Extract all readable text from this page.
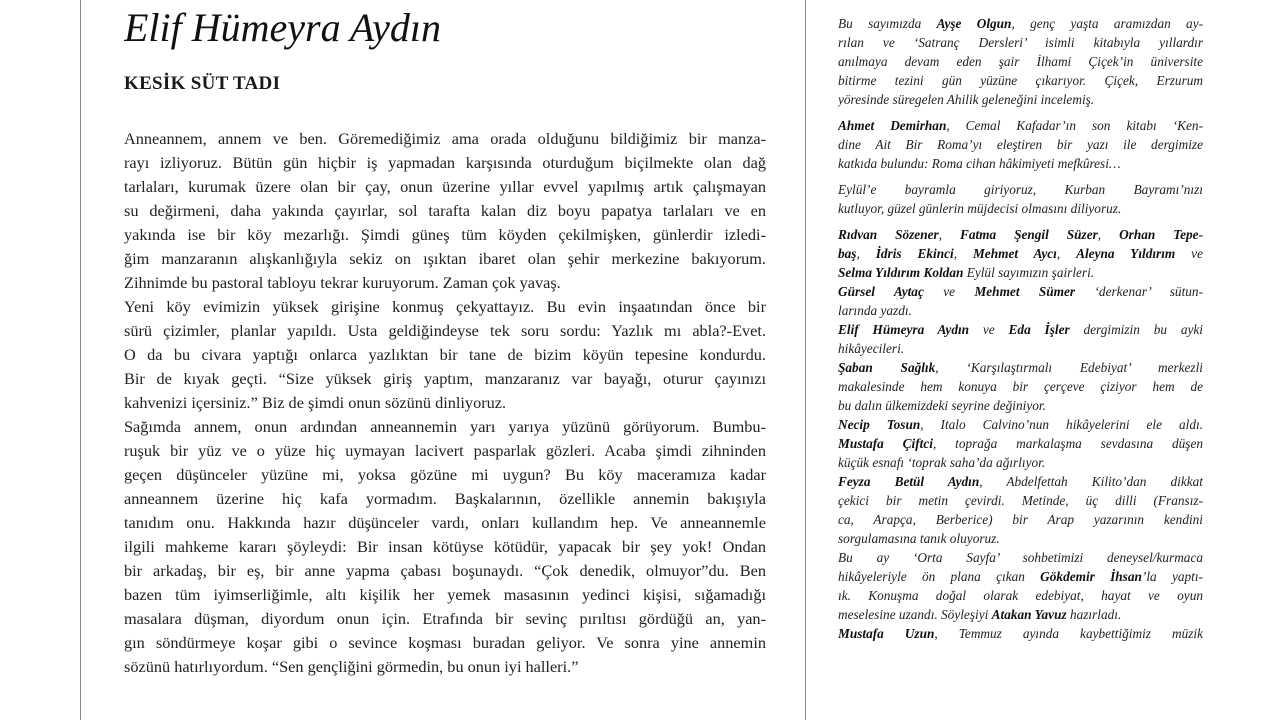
Elif Hümeyra Aydın
KESİK SÜT TADI
Anneannem, annem ve ben. Göremediğimiz ama orada olduğunu bildiğimiz bir manza-
rayı izliyoruz. Bütün gün hiçbir iş yapmadan karşısında oturduğum biçilmekte olan dağ
tarlaları, kurumak üzere olan bir çay, onun üzerine yıllar evvel yapılmış artık çalışmayan
su değirmeni, daha yakında çayırlar, sol tarafta kalan diz boyu papatya tarlaları ve en
yakında ise bir köy mezarlığı. Şimdi güneş tüm köyden çekilmişken, günlerdir izledi-
ğim manzaranın alışkanlığıyla sekiz on ışıktan ibaret olan şehir merkezine bakıyorum.
Zihnimde bu pastoral tabloyu tekrar kuruyorum. Zaman çok yavaş.
Yeni köy evimizin yüksek girişine konmuş çekyattayız. Bu evin inşaatından önce bir
sürü çizimler, planlar yapıldı. Usta geldiğindeyse tek soru sordu: Yazlık mı abla?-Evet.
O da bu civara yaptığı onlarca yazlıktan bir tane de bizim köyün tepesine kondurdu.
Bir de kıyak geçti. “Size yüksek giriş yaptım, manzaranız var bayağı, oturur çayınızı
kahvenizi içersiniz.” Biz de şimdi onun sözünü dinliyoruz.
Sağımda annem, onun ardından anneannemin yarı yarıya yüzünü görüyorum. Bumbu-
ruşuk bir yüz ve o yüze hiç uymayan lacivert pasparlak gözleri. Acaba şimdi zihninden
geçen düşünceler yüzüne mi, yoksa gözüne mi uygun? Bu köy maceramıza kadar
anneannem üzerine hiç kafa yormadım. Başkalarının, özellikle annemin bakışıyla
tanıdım onu. Hakkında hazır düşünceler vardı, onları kullandım hep. Ve anneannemle
ilgili mahkeme kararı şöyleydi: Bir insan kötüyse kötüdür, yapacak bir şey yok! Ondan
bir arkadaş, bir eş, bir anne yapma çabası boşunaydı. “Çok denedik, olmuyor”du. Ben
bazen tüm iyimserliğimle, altı kişilik her yemek masasının yedinci kişisi, sığamadığı
masalara düşman, diyordum onun için. Etrafında bir sevinç pırıltısı gördüğü an, yan-
gın söndürmeye koşar gibi o sevince koşması buradan geliyor. Ve sonra yine annemin
sözünü hatırlıyordum. “Sen gençliğini görmedin, bu onun iyi halleri.”
Bu sayımızda Ayşe Olgun, genç yaşta aramızdan ay-
rılan ve ‘Satranç Dersleri’ isimli kitabıyla yıllardır
anılmaya devam eden şair İlhami Çiçek’in üniversite
bitirme tezini gün yüzüne çıkarıyor. Çiçek, Erzurum
yöresinde süregelen Ahilik geleneğini incelemiş.
Ahmet Demirhan, Cemal Kafadar’ın son kitabı ‘Ken-
dine Ait Bir Roma’yı eleştiren bir yazı ile dergimize
katkıda bulundu: Roma cihan hâkimiyeti mefkûresi…
Eylül’e bayramla giriyoruz, Kurban Bayramı’nızı
kutluyor, güzel günlerin müjdecisi olmasını diliyoruz.
Rıdvan Sözener, Fatma Şengil Süzer, Orhan Tepe-
baş, İdris Ekinci, Mehmet Aycı, Aleyna Yıldırım ve
Selma Yıldırım Koldan Eylül sayımızın şairleri.
Gürsel Aytaç ve Mehmet Sümer ‘derkenar’ sütun-
larında yazdı.
Elif Hümeyra Aydın ve Eda İşler dergimizin bu ayki
hikâyecileri.
Şaban Sağlık, ‘Karşılaştırmalı Edebiyat’ merkezli
makalesinde hem konuya bir çerçeve çiziyor hem de
bu dalın ülkemizdeki seyrine değiniyor.
Necip Tosun, Italo Calvino’nun hikâyelerini ele aldı.
Mustafa Çiftci, toprağa markalaşma sevdasına düşen
küçük esnafı ‘toprak saha’da ağırlıyor.
Feyza Betül Aydın, Abdelfettah Kilito’dan dikkat
çekici bir metin çevirdi. Metinde, üç dilli (Fransız-
ca, Arapça, Berberice) bir Arap yazarının kendini
sorgulamasına tanık oluyoruz.
Bu ay ‘Orta Sayfa’ sohbetimizi deneysel/kurmaca
hikâyeleriyle ön plana çıkan Gökdemir İhsan’la yaptı-
ık. Konuşma doğal olarak edebiyat, hayat ve oyun
meselesine uzandı. Söyleşiyi Atakan Yavuz hazırladı.
Mustafa Uzun, Temmuz ayında kaybettiğimiz müzik
